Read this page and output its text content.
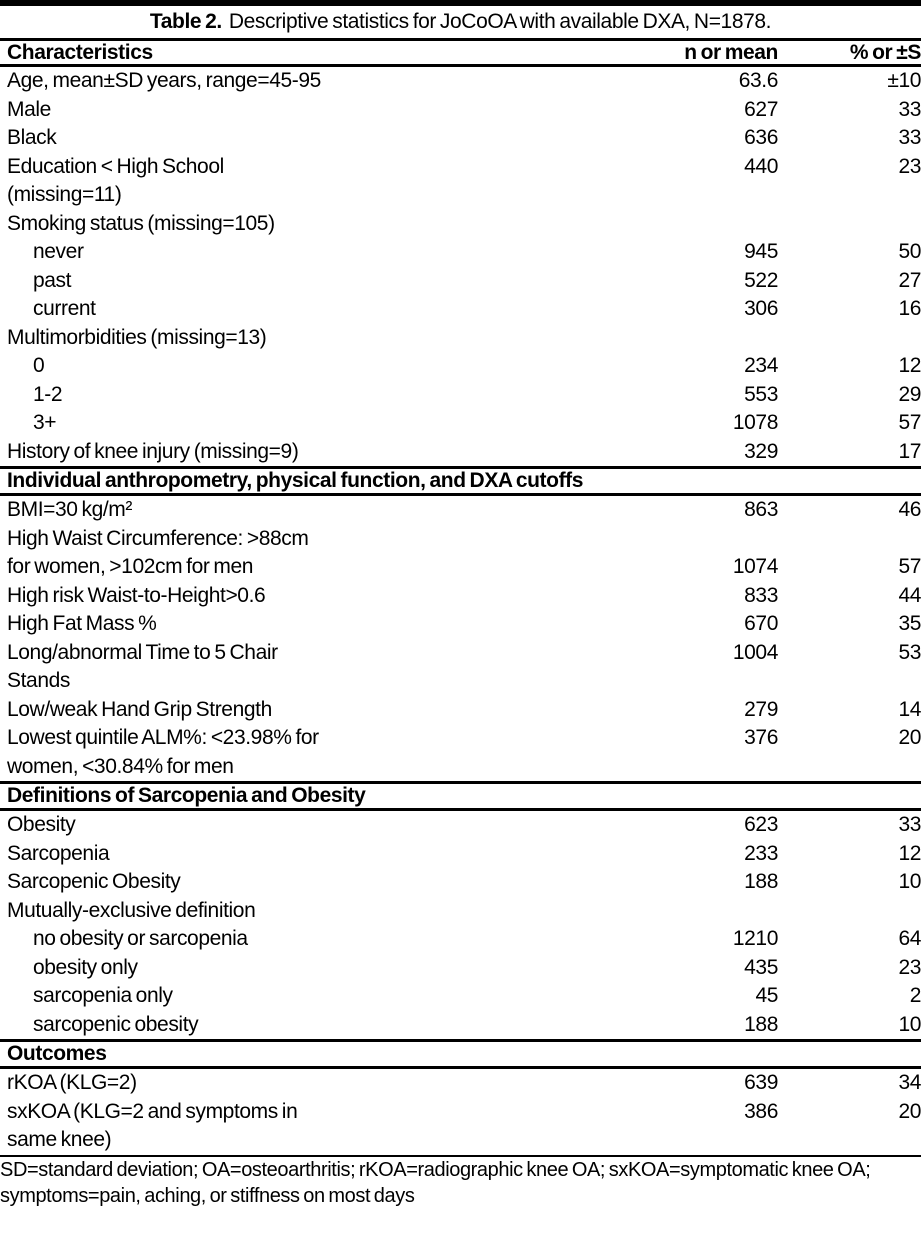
Table 2. Descriptive statistics for JoCoOA with available DXA, N=1878.
Characteristics	n or mean	% or ±S
Age, mean±SD years, range=45-95	63.6	±10
Male	627	33
Black	636	33
Education < High School	440	23
(missing=11)
Smoking status (missing=105)
never	945	50
past	522	27
current	306	16
Multimorbidities (missing=13)
0	234	12
1-2	553	29
3+	1078	57
History of knee injury (missing=9)	329	17
Individual anthropometry, physical function, and DXA cutoffs
BMI=30 kg/m²	863	46
High Waist Circumference: >88cm
for women, >102cm for men	1074	57
High risk Waist-to-Height>0.6	833	44
High Fat Mass %	670	35
Long/abnormal Time to 5 Chair	1004	53
Stands
Low/weak Hand Grip Strength	279	14
Lowest quintile ALM%: <23.98% for	376	20
women, <30.84% for men
Definitions of Sarcopenia and Obesity
Obesity	623	33
Sarcopenia	233	12
Sarcopenic Obesity	188	10
Mutually-exclusive definition
no obesity or sarcopenia	1210	64
obesity only	435	23
sarcopenia only	45	2
sarcopenic obesity	188	10
Outcomes
rKOA (KLG=2)	639	34
sxKOA (KLG=2 and symptoms in	386	20
same knee)
SD=standard deviation; OA=osteoarthritis; rKOA=radiographic knee OA; sxKOA=symptomatic knee OA;
symptoms=pain, aching, or stiffness on most days
